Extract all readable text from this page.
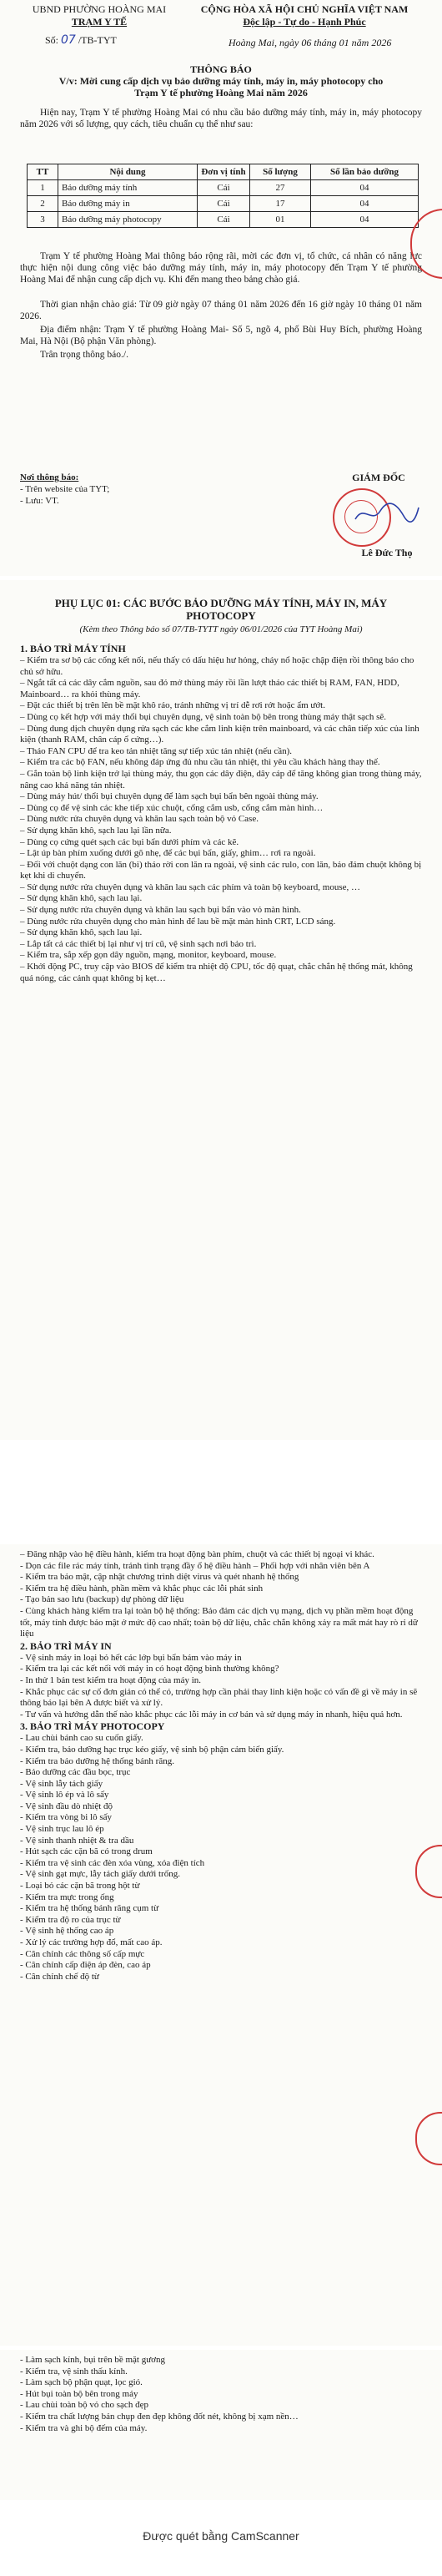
UBND PHƯỜNG HOÀNG MAI
TRẠM Y TẾ
CỘNG HÒA XÃ HỘI CHỦ NGHĨA VIỆT NAM
Độc lập - Tự do - Hạnh Phúc
Số: 07 /TB-TYT	Hoàng Mai, ngày 06 tháng 01 năm 2026
THÔNG BÁO
V/v: Mời cung cấp dịch vụ bảo dưỡng máy tính, máy in, máy photocopy cho Trạm Y tế phường Hoàng Mai năm 2026
Hiện nay, Trạm Y tế phường Hoàng Mai có nhu cầu bảo dưỡng máy tính, máy in, máy photocopy năm 2026 với số lượng, quy cách, tiêu chuẩn cụ thể như sau:
TT	Nội dung	Đơn vị tính	Số lượng	Số lần bảo dưỡng
1	Bảo dưỡng máy tính	Cái	27	04
2	Bảo dưỡng máy in	Cái	17	04
3	Bảo dưỡng máy photocopy	Cái	01	04
Trạm Y tế phường Hoàng Mai thông báo rộng rãi, mời các đơn vị, tổ chức, cá nhân có năng lực thực hiện nội dung công việc bảo dưỡng máy tính, máy in, máy photocopy đến Trạm Y tế phường Hoàng Mai để nhận cung cấp dịch vụ. Khi đến mang theo bảng chào giá.
Thời gian nhận chào giá: Từ 09 giờ ngày 07 tháng 01 năm 2026 đến 16 giờ ngày 10 tháng 01 năm 2026.
Địa điểm nhận: Trạm Y tế phường Hoàng Mai- Số 5, ngõ 4, phố Bùi Huy Bích, phường Hoàng Mai, Hà Nội (Bộ phận Văn phòng).
Trân trọng thông báo./.
Nơi thông báo:
- Trên website của TYT;
- Lưu: VT.
GIÁM ĐỐC
Lê Đức Thọ
PHỤ LỤC 01: CÁC BƯỚC BẢO DƯỠNG MÁY TÍNH, MÁY IN, MÁY PHOTOCOPY
(Kèm theo Thông báo số 07/TB-TYTT ngày 06/01/2026 của TYT Hoàng Mai)
1. BẢO TRÌ MÁY TÍNH
– Kiểm tra sơ bộ các cổng kết nối, nếu thấy có dấu hiệu hư hỏng, cháy nổ hoặc chập điện rồi thông báo cho chủ sở hữu.
– Ngắt tất cả các dây cắm nguồn, sau đó mở thùng máy rồi lần lượt tháo các thiết bị RAM, FAN, HDD, Mainboard… ra khỏi thùng máy.
– Đặt các thiết bị trên lên bề mặt khô ráo, tránh những vị trí dễ rơi rớt hoặc ẩm ướt.
– Dùng cọ kết hợp với máy thổi bụi chuyên dụng, vệ sinh toàn bộ bên trong thùng máy thật sạch sẽ.
– Dùng dung dịch chuyên dụng rửa sạch các khe cắm linh kiện trên mainboard, và các chân tiếp xúc của linh kiện (thanh RAM, chân cáp ổ cứng…).
– Tháo FAN CPU để tra keo tản nhiệt tăng sự tiếp xúc tản nhiệt (nếu cần).
– Kiểm tra các bộ FAN, nếu không đáp ứng đủ nhu cầu tản nhiệt, thì yêu cầu khách hàng thay thế.
– Gắn toàn bộ linh kiện trở lại thùng máy, thu gọn các dây điện, dây cáp để tăng không gian trong thùng máy, nâng cao khả năng tản nhiệt.
– Dùng máy hút/ thổi bụi chuyên dụng để làm sạch bụi bẩn bên ngoài thùng máy.
– Dùng cọ để vệ sinh các khe tiếp xúc chuột, cổng cắm usb, cổng cắm màn hình…
– Dùng nước rửa chuyên dụng và khăn lau sạch toàn bộ vỏ Case.
– Sử dụng khăn khô, sạch lau lại lần nữa.
– Dùng cọ cứng quét sạch các bụi bẩn dưới phím và các kẽ.
– Lật úp bàn phím xuống dưới gõ nhẹ, để các bụi bẩn, giấy, ghim… rơi ra ngoài.
– Đối với chuột dạng con lăn (bi) tháo rời con lăn ra ngoài, vệ sinh các rulo, con lăn, bảo đảm chuột không bị kẹt khi di chuyển.
– Sử dụng nước rửa chuyên dụng và khăn lau sạch các phím và toàn bộ keyboard, mouse, …
– Sử dụng khăn khô, sạch lau lại.
– Sử dụng nước rửa chuyên dụng và khăn lau sạch bụi bẩn vào vỏ màn hình.
– Dùng nước rửa chuyên dụng cho màn hình để lau bề mặt màn hình CRT, LCD sáng.
– Sử dụng khăn khô, sạch lau lại.
– Lắp tất cả các thiết bị lại như vị trí cũ, vệ sinh sạch nơi bảo trì.
– Kiểm tra, sắp xếp gọn dây nguồn, mạng, monitor, keyboard, mouse.
– Khởi động PC, truy cập vào BIOS để kiểm tra nhiệt độ CPU, tốc độ quạt, chắc chắn hệ thống mát, không quá nóng, các cảnh quạt không bị kẹt…
– Đăng nhập vào hệ điều hành, kiểm tra hoạt động bàn phím, chuột và các thiết bị ngoại vi khác.
- Dọn các file rác máy tính, tránh tình trạng đầy ổ hệ điều hành – Phối hợp với nhân viên bên A
- Kiểm tra bảo mật, cập nhật chương trình diệt virus và quét nhanh hệ thống
- Kiểm tra hệ điều hành, phần mềm và khắc phục các lỗi phát sinh
- Tạo bản sao lưu (backup) dự phòng dữ liệu
- Cùng khách hàng kiểm tra lại toàn bộ hệ thống: Bảo đảm các dịch vụ mạng, dịch vụ phần mềm hoạt động tốt, máy tính được bảo mật ở mức độ cao nhất; toàn bộ dữ liệu, chắc chắn không xảy ra mất mát hay rò rỉ dữ liệu
2. BẢO TRÌ MÁY IN
- Vệ sinh máy in loại bỏ hết các lớp bụi bẩn bám vào máy in
- Kiểm tra lại các kết nối với máy in có hoạt động bình thường không?
- In thử 1 bản test kiểm tra hoạt động của máy in.
- Khắc phục các sự cố đơn giản có thể có, trường hợp cần phải thay linh kiện hoặc có vấn đề gì về máy in sẽ thông báo lại bên A được biết và xử lý.
- Tư vấn và hướng dẫn thế nào khắc phục các lỗi máy in cơ bản và sử dụng máy in nhanh, hiệu quả hơn.
3. BẢO TRÌ MÁY PHOTOCOPY
- Lau chùi bánh cao su cuốn giấy.
- Kiểm tra, bảo dưỡng hạc trục kéo giấy, vệ sinh bộ phận cảm biến giấy.
- Kiểm tra bảo dưỡng hệ thống bánh răng.
- Bảo dưỡng các đầu bọc, trục
- Vệ sinh lẫy tách giấy
- Vệ sinh lô ép và lô sấy
- Vệ sinh đầu dò nhiệt độ
- Kiểm tra vòng bi lô sấy
- Vệ sinh trục lau lô ép
- Vệ sinh thanh nhiệt & tra dầu
- Hút sạch các cặn bã có trong drum
- Kiểm tra vệ sinh các đèn xóa vùng, xóa điện tích
- Vệ sinh gạt mực, lẫy tách giấy dưới trống.
- Loại bỏ các cặn bã trong hột từ
- Kiểm tra mực trong ống
- Kiểm tra hệ thống bánh răng cụm từ
- Kiểm tra độ ro của trục từ
- Vệ sinh hệ thống cao áp
- Xử lý các trường hợp đổ, mất cao áp.
- Cân chỉnh các thông số cấp mực
- Cân chỉnh cấp điện áp đèn, cao áp
- Cân chỉnh chế độ từ
- Làm sạch kính, bụi trên bề mặt gương
- Kiểm tra, vệ sinh thấu kính.
- Làm sạch bộ phận quạt, lọc gió.
- Hút bụi toàn bộ bên trong máy
- Lau chùi toàn bộ vỏ cho sạch đẹp
- Kiểm tra chất lượng bản chụp đen đẹp không đốt nét, không bị xạm nền…
- Kiểm tra và ghi bộ đếm của máy.
Được quét bằng CamScanner
